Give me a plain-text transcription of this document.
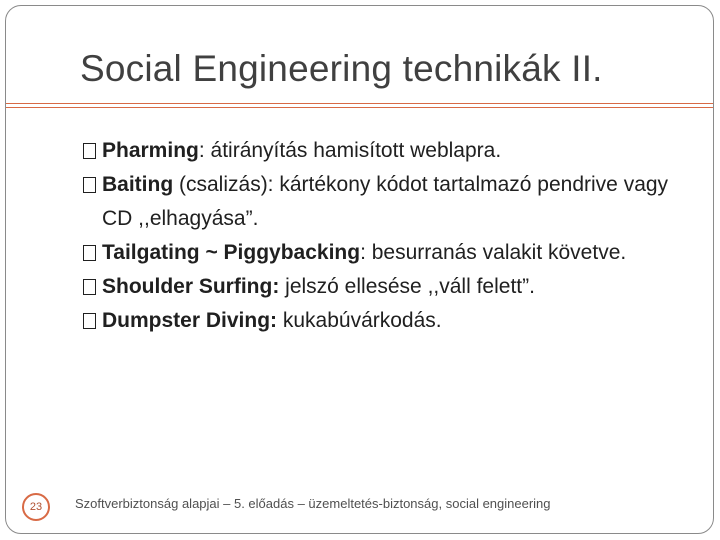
Social Engineering technikák II.

Pharming: átirányítás hamisított weblapra.

Baiting (csalizás): kártékony kódot tartalmazó pendrive vagy CD ,,elhagyása”.

Tailgating ~ Piggybacking: besurranás valakit követve.

Shoulder Surfing: jelszó ellesése ,,váll felett”.

Dumpster Diving: kukabúvárkodás.

23	Szoftverbiztonság alapjai – 5. előadás – üzemeltetés-biztonság, social engineering
